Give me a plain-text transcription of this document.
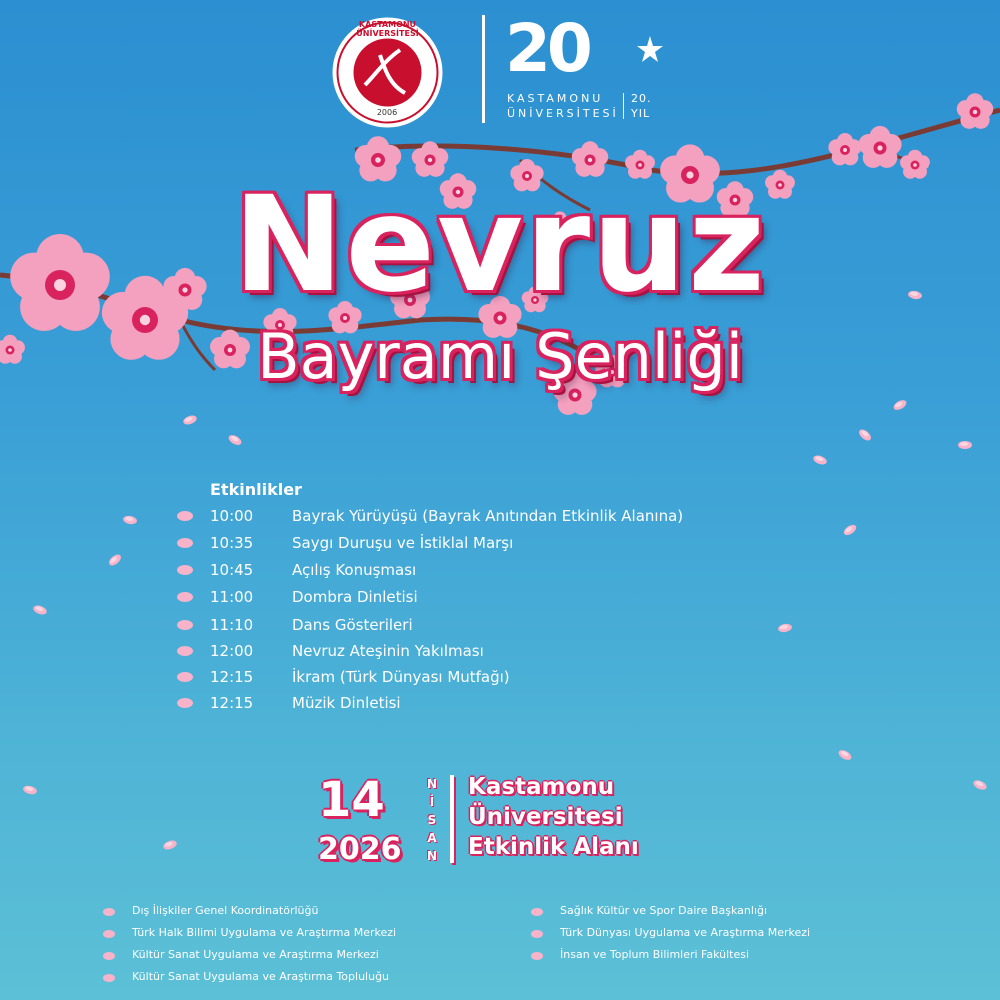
KASTAMONU ÜNİVERSİTESİ
2006
20
KASTAMONU
ÜNİVERSİTESİ
20.
YIL
Nevruz
Bayramı Şenliği
Etkinlikler
10:00	Bayrak Yürüyüşü (Bayrak Anıtından Etkinlik Alanına)
10:35	Saygı Duruşu ve İstiklal Marşı
10:45	Açılış Konuşması
11:00	Dombra Dinletisi
11:10	Dans Gösterileri
12:00	Nevruz Ateşinin Yakılması
12:15	İkram (Türk Dünyası Mutfağı)
12:15	Müzik Dinletisi
14
2026
NİSAN
Kastamonu
Üniversitesi
Etkinlik Alanı
Dış İlişkiler Genel Koordinatörlüğü
Türk Halk Bilimi Uygulama ve Araştırma Merkezi
Kültür Sanat Uygulama ve Araştırma Merkezi
Kültür Sanat Uygulama ve Araştırma Topluluğu
Sağlık Kültür ve Spor Daire Başkanlığı
Türk Dünyası Uygulama ve Araştırma Merkezi
İnsan ve Toplum Bilimleri Fakültesi
